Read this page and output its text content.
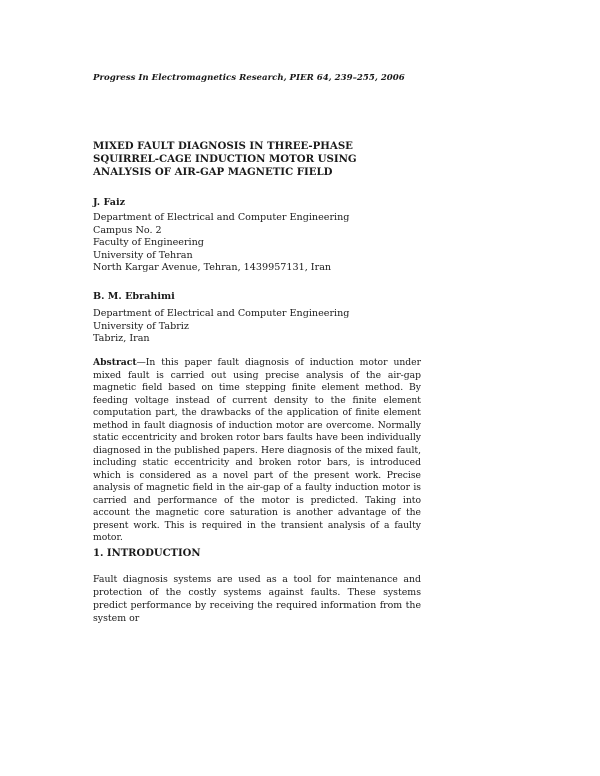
Progress In Electromagnetics Research, PIER 64, 239–255, 2006
MIXED FAULT DIAGNOSIS IN THREE-PHASE
SQUIRREL-CAGE INDUCTION MOTOR USING
ANALYSIS OF AIR-GAP MAGNETIC FIELD
J. Faiz
Department of Electrical and Computer Engineering
Campus No. 2
Faculty of Engineering
University of Tehran
North Kargar Avenue, Tehran, 1439957131, Iran
B. M. Ebrahimi
Department of Electrical and Computer Engineering
University of Tabriz
Tabriz, Iran
Abstract—In this paper fault diagnosis of induction motor under mixed fault is carried out using precise analysis of the air-gap magnetic field based on time stepping finite element method. By feeding voltage instead of current density to the finite element computation part, the drawbacks of the application of finite element method in fault diagnosis of induction motor are overcome. Normally static eccentricity and broken rotor bars faults have been individually diagnosed in the published papers. Here diagnosis of the mixed fault, including static eccentricity and broken rotor bars, is introduced which is considered as a novel part of the present work. Precise analysis of magnetic field in the air-gap of a faulty induction motor is carried and performance of the motor is predicted. Taking into account the magnetic core saturation is another advantage of the present work. This is required in the transient analysis of a faulty motor.
1. INTRODUCTION
Fault diagnosis systems are used as a tool for maintenance and protection of the costly systems against faults. These systems predict performance by receiving the required information from the system or
